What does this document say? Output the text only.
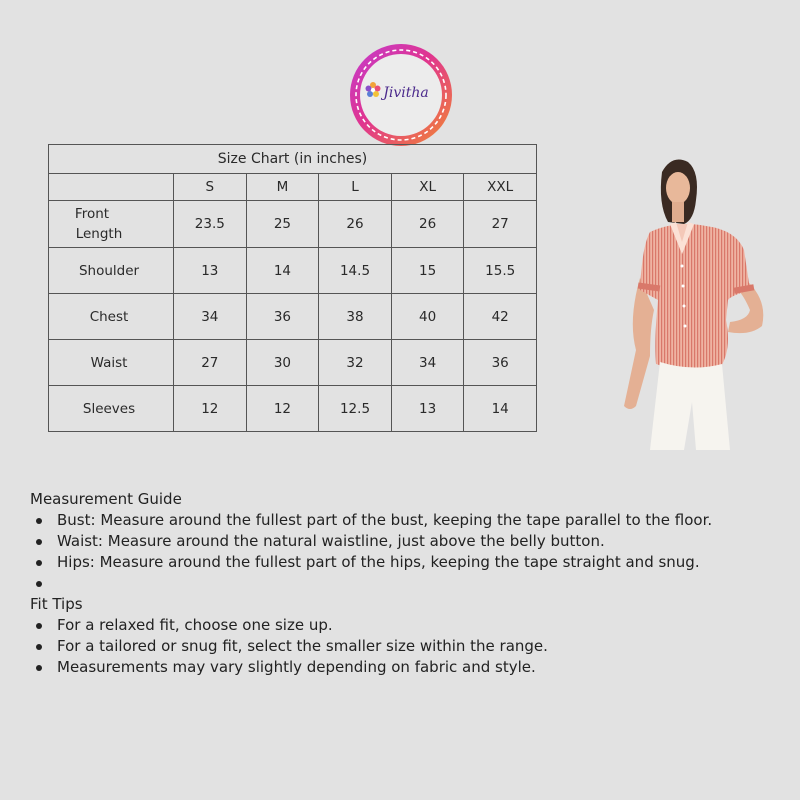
Jivitha
Size Chart (in inches)					
	S	M	L	XL	XXL

Front
Length	23.5	25	26	26	27
Shoulder	13	14	14.5	15	15.5
Chest	34	36	38	40	42
Waist	27	30	32	34	36
Sleeves	12	12	12.5	13	14
Measurement Guide
Bust: Measure around the fullest part of the bust, keeping the tape parallel to the floor.
Waist: Measure around the natural waistline, just above the belly button.
Hips: Measure around the fullest part of the hips, keeping the tape straight and snug.
Fit Tips
For a relaxed fit, choose one size up.
For a tailored or snug fit, select the smaller size within the range.
Measurements may vary slightly depending on fabric and style.
